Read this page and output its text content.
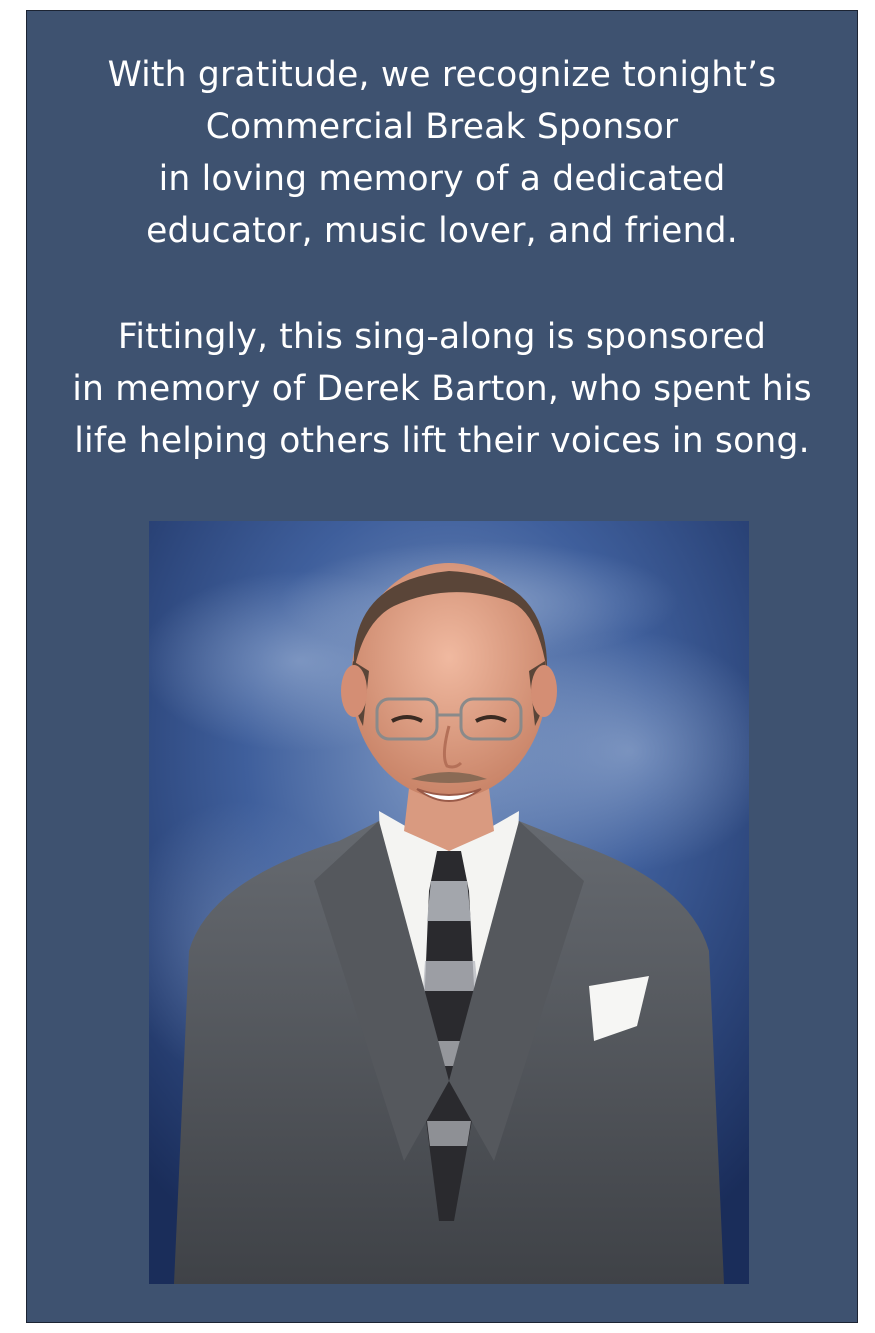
With gratitude, we recognize tonight’s
Commercial Break Sponsor
in loving memory of a dedicated
educator, music lover, and friend.
Fittingly, this sing-along is sponsored
in memory of Derek Barton, who spent his
life helping others lift their voices in song.
